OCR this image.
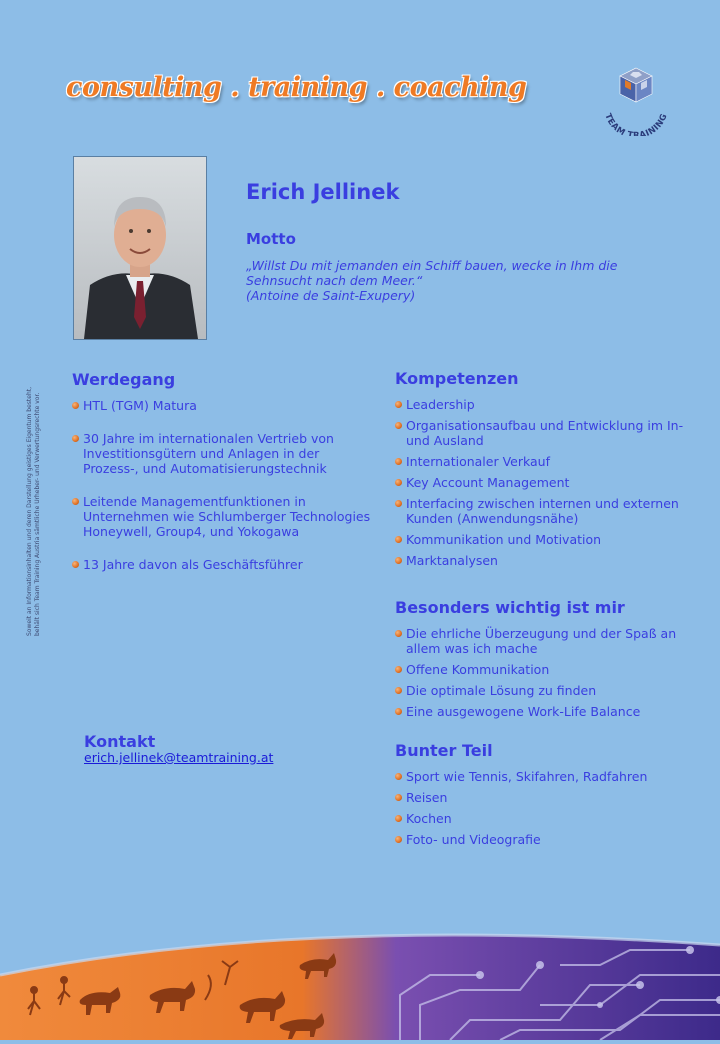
consulting . training . coaching
TEAM TRAINING
Erich Jellinek
Motto

„Willst Du mit jemanden ein Schiff bauen, wecke in Ihm die
Sehnsucht nach dem Meer.“
(Antoine de Saint-Exupery)

Werdegang
HTL (TGM) Matura
30 Jahre im internationalen Vertrieb von Investitionsgütern und Anlagen in der Prozess-, und Automatisierungstechnik
Leitende Managementfunktionen in Unternehmen wie Schlumberger Technologies Honeywell, Group4, und Yokogawa
13 Jahre davon als Geschäftsführer
Kompetenzen
Leadership
Organisationsaufbau und Entwicklung im In- und Ausland
Internationaler Verkauf
Key Account Management
Interfacing zwischen internen und externen Kunden (Anwendungsnähe)
Kommunikation und Motivation
Marktanalysen
Besonders wichtig ist mir
Die ehrliche Überzeugung und der Spaß an allem was ich mache
Offene Kommunikation
Die optimale Lösung zu finden
Eine ausgewogene Work-Life Balance
Bunter Teil
Sport wie Tennis, Skifahren, Radfahren
Reisen
Kochen
Foto- und Videografie
Kontakt
erich.jellinek@teamtraining.at
Soweit an Informationsinhalten und deren Darstellung geistiges Eigentum besteht, behält sich Team Training Austria sämtliche Urheber- und Verwertungsrechte vor.
